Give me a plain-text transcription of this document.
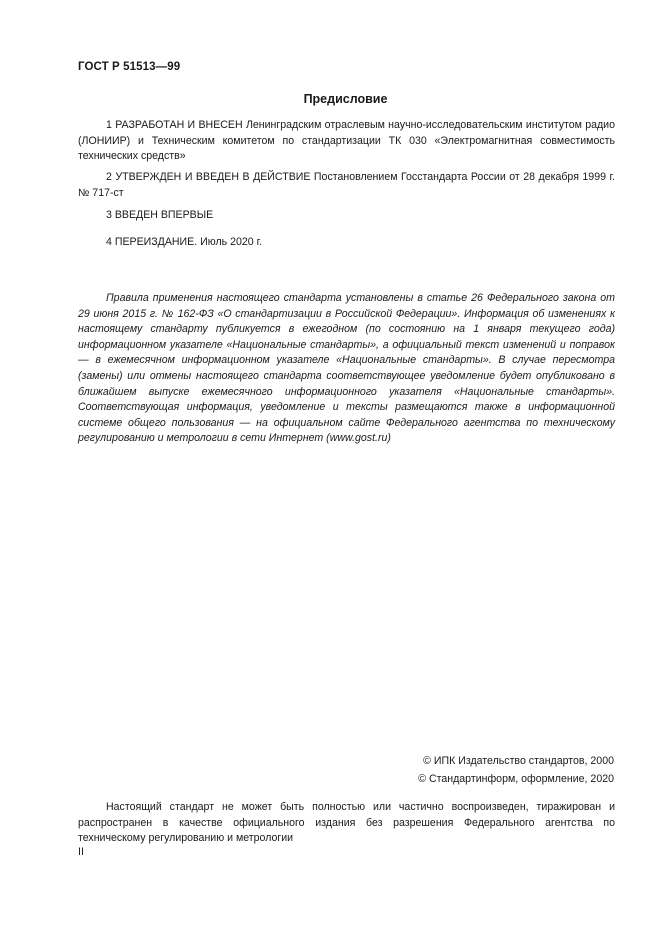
ГОСТ Р 51513—99
Предисловие

1 РАЗРАБОТАН И ВНЕСЕН Ленинградским отраслевым научно-исследовательским институтом радио (ЛОНИИР) и Техническим комитетом по стандартизации ТК 030 «Электромагнитная совместимость технических средств»

2 УТВЕРЖДЕН И ВВЕДЕН В ДЕЙСТВИЕ Постановлением Госстандарта России от 28 декабря 1999 г. № 717-ст

3 ВВЕДЕН ВПЕРВЫЕ

4 ПЕРЕИЗДАНИЕ. Июль 2020 г.

Правила применения настоящего стандарта установлены в статье 26 Федерального закона от 29 июня 2015 г. № 162-ФЗ «О стандартизации в Российской Федерации». Информация об изменениях к настоящему стандарту публикуется в ежегодном (по состоянию на 1 января текущего года) информационном указателе «Национальные стандарты», а официальный текст изменений и поправок — в ежемесячном информационном указателе «Национальные стандарты». В случае пересмотра (замены) или отмены настоящего стандарта соответствующее уведомление будет опубликовано в ближайшем выпуске ежемесячного информационного указателя «Национальные стандарты». Соответствующая информация, уведомление и тексты размещаются также в информационной системе общего пользования — на официальном сайте Федерального агентства по техническому регулированию и метрологии в сети Интернет (www.gost.ru)

© ИПК Издательство стандартов, 2000
© Стандартинформ, оформление, 2020

Настоящий стандарт не может быть полностью или частично воспроизведен, тиражирован и распространен в качестве официального издания без разрешения Федерального агентства по техническому регулированию и метрологии

II
